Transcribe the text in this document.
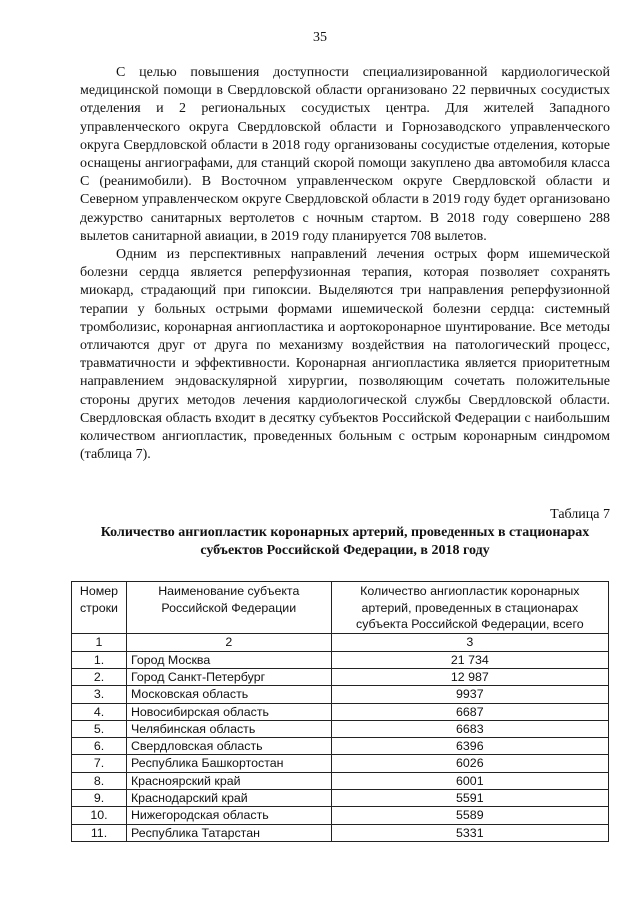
35

С целью повышения доступности специализированной кардиологической медицинской помощи в Свердловской области организовано 22 первичных сосудистых отделения и 2 региональных сосудистых центра. Для жителей Западного управленческого округа Свердловской области и Горнозаводского управленческого округа Свердловской области в 2018 году организованы сосудистые отделения, которые оснащены ангиографами, для станций скорой помощи закуплено два автомобиля класса С (реанимобили). В Восточном управленческом округе Свердловской области и Северном управленческом округе Свердловской области в 2019 году будет организовано дежурство санитарных вертолетов с ночным стартом. В 2018 году совершено 288 вылетов санитарной авиации, в 2019 году планируется 708 вылетов.

Одним из перспективных направлений лечения острых форм ишемической болезни сердца является реперфузионная терапия, которая позволяет сохранять миокард, страдающий при гипоксии. Выделяются три направления реперфузионной терапии у больных острыми формами ишемической болезни сердца: системный тромболизис, коронарная ангиопластика и аортокоронарное шунтирование. Все методы отличаются друг от друга по механизму воздействия на патологический процесс, травматичности и эффективности. Коронарная ангиопластика является приоритетным направлением эндоваскулярной хирургии, позволяющим сочетать положительные стороны других методов лечения кардиологической службы Свердловской области. Свердловская область входит в десятку субъектов Российской Федерации с наибольшим количеством ангиопластик, проведенных больным с острым коронарным синдромом (таблица 7).

Таблица 7

Количество ангиопластик коронарных артерий, проведенных в стационарах субъектов Российской Федерации, в 2018 году

Номер строки	Наименование субъекта Российской Федерации	Количество ангиопластик коронарных артерий, проведенных в стационарах субъекта Российской Федерации, всего
1	2	3
1.	Город Москва	21 734
2.	Город Санкт-Петербург	12 987
3.	Московская область	9937
4.	Новосибирская область	6687
5.	Челябинская область	6683
6.	Свердловская область	6396
7.	Республика Башкортостан	6026
8.	Красноярский край	6001
9.	Краснодарский край	5591
10.	Нижегородская область	5589
11.	Республика Татарстан	5331
